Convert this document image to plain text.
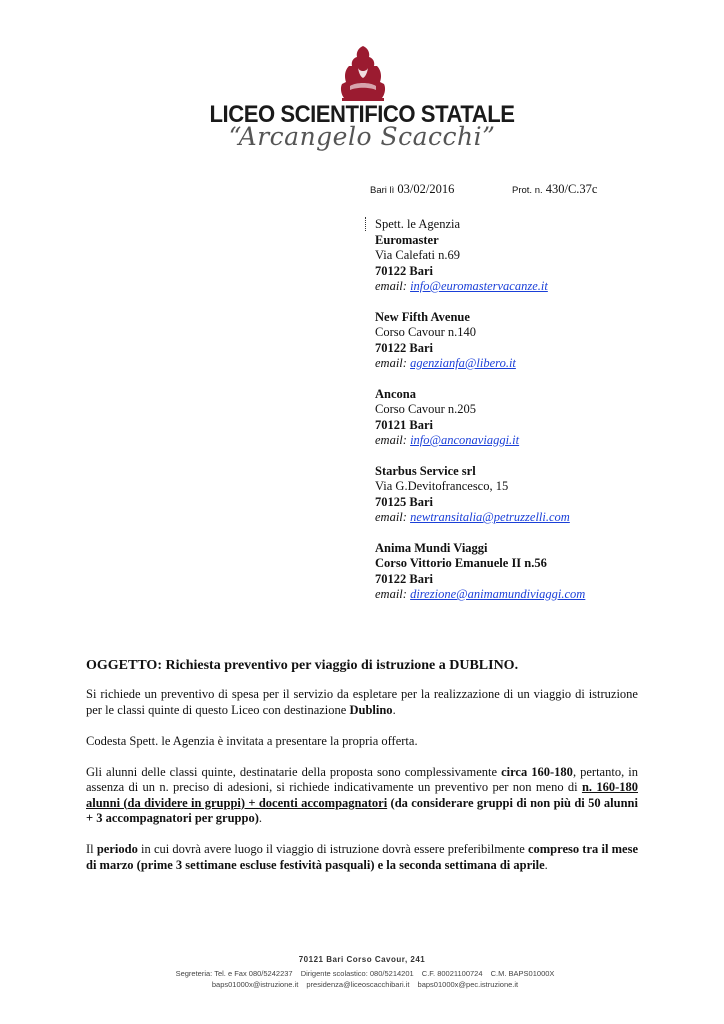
LICEO SCIENTIFICO STATALE
“Arcangelo Scacchi”
Bari lì 03/02/2016	Prot. n. 430/C.37c
Spett. le Agenzia
Euromaster
Via Calefati n.69
70122 Bari
email: info@euromastervacanze.it
New Fifth Avenue
Corso Cavour n.140
70122 Bari
email: agenzianfa@libero.it
Ancona
Corso Cavour n.205
70121 Bari
email: info@anconaviaggi.it
Starbus Service srl
Via G.Devitofrancesco, 15
70125 Bari
email: newtransitalia@petruzzelli.com
Anima Mundi Viaggi
Corso Vittorio Emanuele II n.56
70122 Bari
email: direzione@animamundiviaggi.com
OGGETTO: Richiesta preventivo per viaggio di istruzione a DUBLINO.

Si richiede un preventivo di spesa per il servizio da espletare per la realizzazione di un viaggio di istruzione per le classi quinte di questo Liceo con destinazione Dublino.

Codesta Spett. le Agenzia è invitata a presentare la propria offerta.

Gli alunni delle classi quinte, destinatarie della proposta sono complessivamente circa 160-180, pertanto, in assenza di un n. preciso di adesioni, si richiede indicativamente un preventivo per non meno di n. 160-180 alunni (da dividere in gruppi) + docenti accompagnatori (da considerare gruppi di non più di 50 alunni + 3 accompagnatori per gruppo).

Il periodo in cui dovrà avere luogo il viaggio di istruzione dovrà essere preferibilmente compreso tra il mese di marzo (prime 3 settimane escluse festività pasquali) e la seconda settimana di aprile.

70121 Bari Corso Cavour, 241
Segreteria: Tel. e Fax 080/5242237 Dirigente scolastico: 080/5214201 C.F. 80021100724 C.M. BAPS01000X
baps01000x@istruzione.it presidenza@liceoscacchibari.it baps01000x@pec.istruzione.it
